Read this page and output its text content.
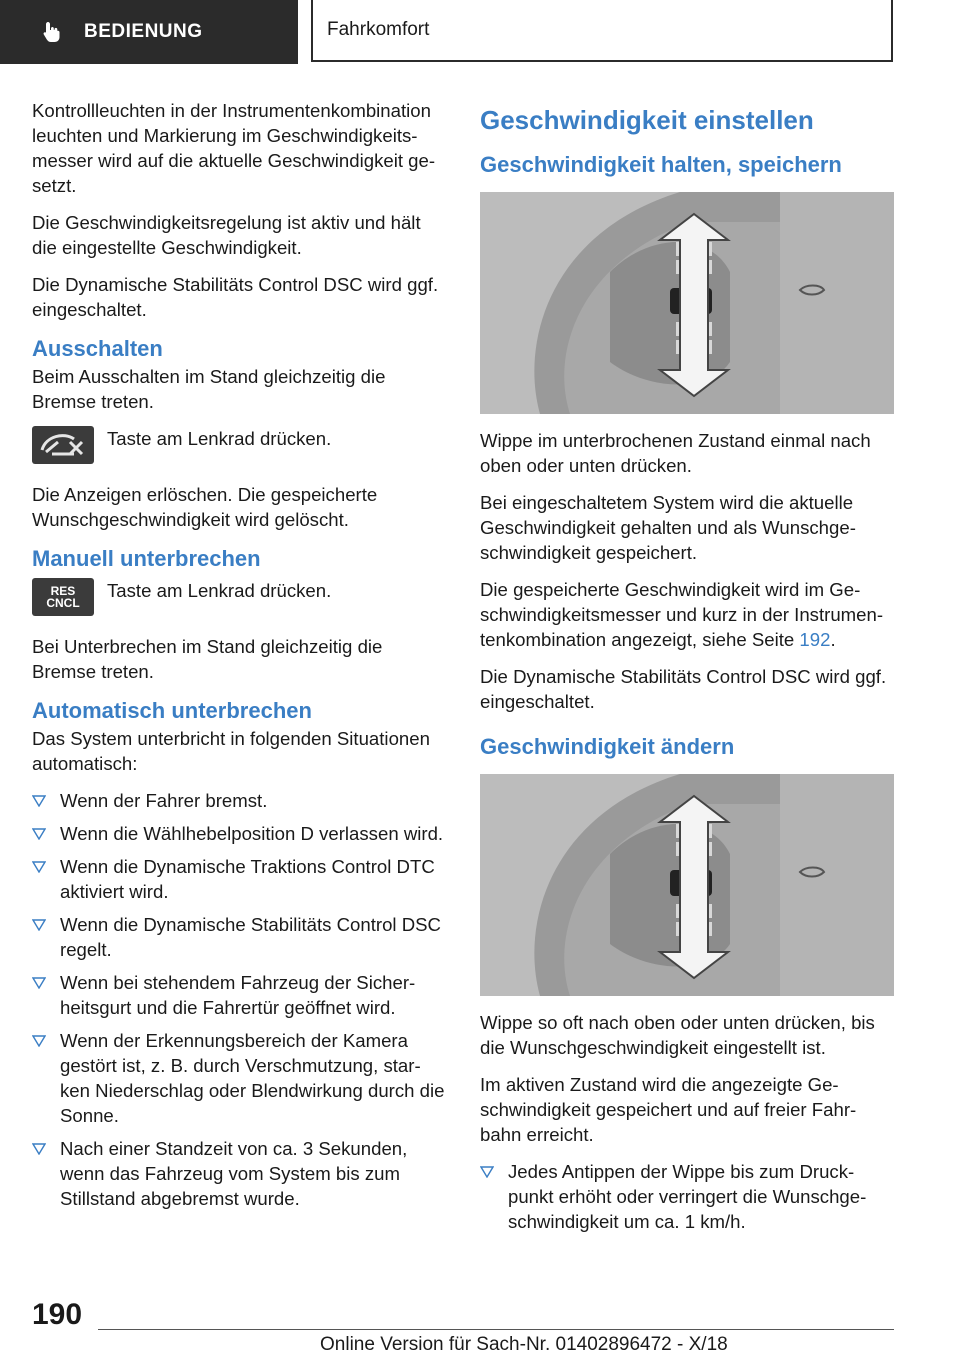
BEDIENUNG	Fahrkomfort

Kontrollleuchten in der Instrumentenkombination leuchten und Markierung im Geschwindigkeits-messer wird auf die aktuelle Geschwindigkeit ge-setzt.

Die Geschwindigkeitsregelung ist aktiv und hält die eingestellte Geschwindigkeit.

Die Dynamische Stabilitäts Control DSC wird ggf. eingeschaltet.

Ausschalten

Beim Ausschalten im Stand gleichzeitig die Bremse treten.

Taste am Lenkrad drücken.

Die Anzeigen erlöschen. Die gespeicherte Wunschgeschwindigkeit wird gelöscht.

Manuell unterbrechen
RES
CNCL
Taste am Lenkrad drücken.

Bei Unterbrechen im Stand gleichzeitig die Bremse treten.

Automatisch unterbrechen

Das System unterbricht in folgenden Situationen automatisch:

Wenn der Fahrer bremst.
Wenn die Wählhebelposition D verlassen wird.
Wenn die Dynamische Traktions Control DTC aktiviert wird.
Wenn die Dynamische Stabilitäts Control DSC regelt.
Wenn bei stehendem Fahrzeug der Sicher-heitsgurt und die Fahrertür geöffnet wird.
Wenn der Erkennungsbereich der Kamera gestört ist, z. B. durch Verschmutzung, star-ken Niederschlag oder Blendwirkung durch die Sonne.
Nach einer Standzeit von ca. 3 Sekunden, wenn das Fahrzeug vom System bis zum Stillstand abgebremst wurde.
Geschwindigkeit einstellen
Geschwindigkeit halten, speichern

Wippe im unterbrochenen Zustand einmal nach oben oder unten drücken.

Bei eingeschaltetem System wird die aktuelle Geschwindigkeit gehalten und als Wunschge-schwindigkeit gespeichert.

Die gespeicherte Geschwindigkeit wird im Ge-schwindigkeitsmesser und kurz in der Instrumen-tenkombination angezeigt, siehe Seite 192.

Die Dynamische Stabilitäts Control DSC wird ggf. eingeschaltet.

Geschwindigkeit ändern

Wippe so oft nach oben oder unten drücken, bis die Wunschgeschwindigkeit eingestellt ist.

Im aktiven Zustand wird die angezeigte Ge-schwindigkeit gespeichert und auf freier Fahr-bahn erreicht.

Jedes Antippen der Wippe bis zum Druck-punkt erhöht oder verringert die Wunschge-schwindigkeit um ca. 1 km/h.
190
Online Version für Sach-Nr. 01402896472 - X/18
